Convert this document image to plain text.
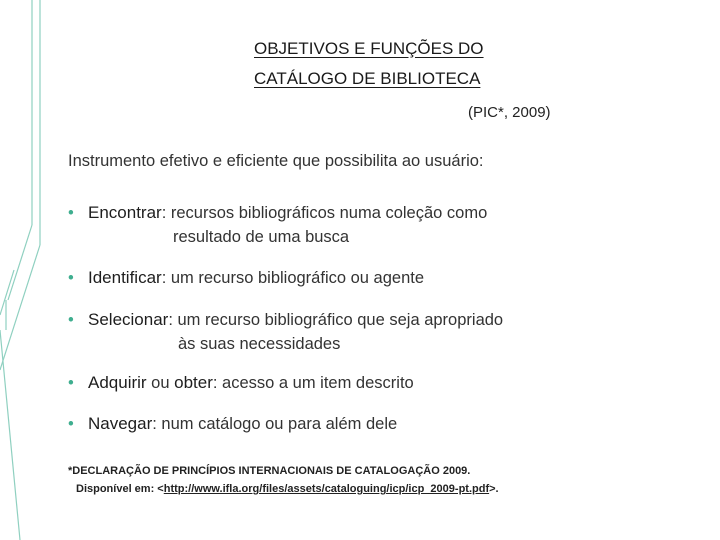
OBJETIVOS E FUNÇÕES DO
CATÁLOGO DE BIBLIOTECA
(PIC*, 2009)
Instrumento efetivo e eficiente que possibilita ao usuário:
• Encontrar: recursos bibliográficos numa coleção como
resultado de uma busca
• Identificar: um recurso bibliográfico ou agente
• Selecionar: um recurso bibliográfico que seja apropriado
às suas necessidades
• Adquirir ou obter: acesso a um item descrito
• Navegar: num catálogo ou para além dele
*DECLARAÇÃO DE PRINCÍPIOS INTERNACIONAIS DE CATALOGAÇÃO 2009.
Disponível em: <http://www.ifla.org/files/assets/cataloguing/icp/icp_2009-pt.pdf>.
